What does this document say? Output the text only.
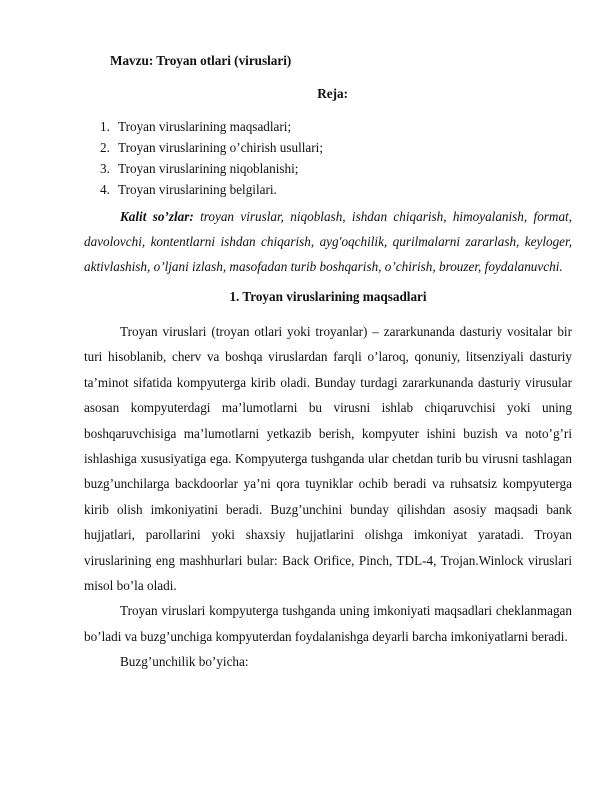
Mavzu: Troyan otlari (viruslari)
Reja:
1. Troyan viruslarining maqsadlari;
2. Troyan viruslarining o’chirish usullari;
3. Troyan viruslarining niqoblanishi;
4. Troyan viruslarining belgilari.
Kalit so’zlar: troyan viruslar, niqoblash, ishdan chiqarish, himoyalanish, format, davolovchi, kontentlarni ishdan chiqarish, ayg'oqchilik, qurilmalarni zararlash, keyloger, aktivlashish, o’ljani izlash, masofadan turib boshqarish, o’chirish, brouzer, foydalanuvchi.
1. Troyan viruslarining maqsadlari

Troyan viruslari (troyan otlari yoki troyanlar) – zararkunanda dasturiy vositalar bir turi hisoblanib, cherv va boshqa viruslardan farqli o’laroq, qonuniy, litsenziyali dasturiy ta’minot sifatida kompyuterga kirib oladi. Bunday turdagi zararkunanda dasturiy virusular asosan kompyuterdagi ma’lumotlarni bu virusni ishlab chiqaruvchisi yoki uning boshqaruvchisiga ma’lumotlarni yetkazib berish, kompyuter ishini buzish va noto’g’ri ishlashiga xususiyatiga ega. Kompyuterga tushganda ular chetdan turib bu virusni tashlagan buzg’unchilarga backdoorlar ya’ni qora tuyniklar ochib beradi va ruhsatsiz kompyuterga kirib olish imkoniyatini beradi. Buzg’unchini bunday qilishdan asosiy maqsadi bank hujjatlari, parollarini yoki shaxsiy hujjatlarini olishga imkoniyat yaratadi. Troyan viruslarining eng mashhurlari bular: Back Orifice, Pinch, TDL-4, Trojan.Winlock viruslari misol bo’la oladi.

Troyan viruslari kompyuterga tushganda uning imkoniyati maqsadlari cheklanmagan bo’ladi va buzg’unchiga kompyuterdan foydalanishga deyarli barcha imkoniyatlarni beradi.

Buzg’unchilik bo’yicha:
